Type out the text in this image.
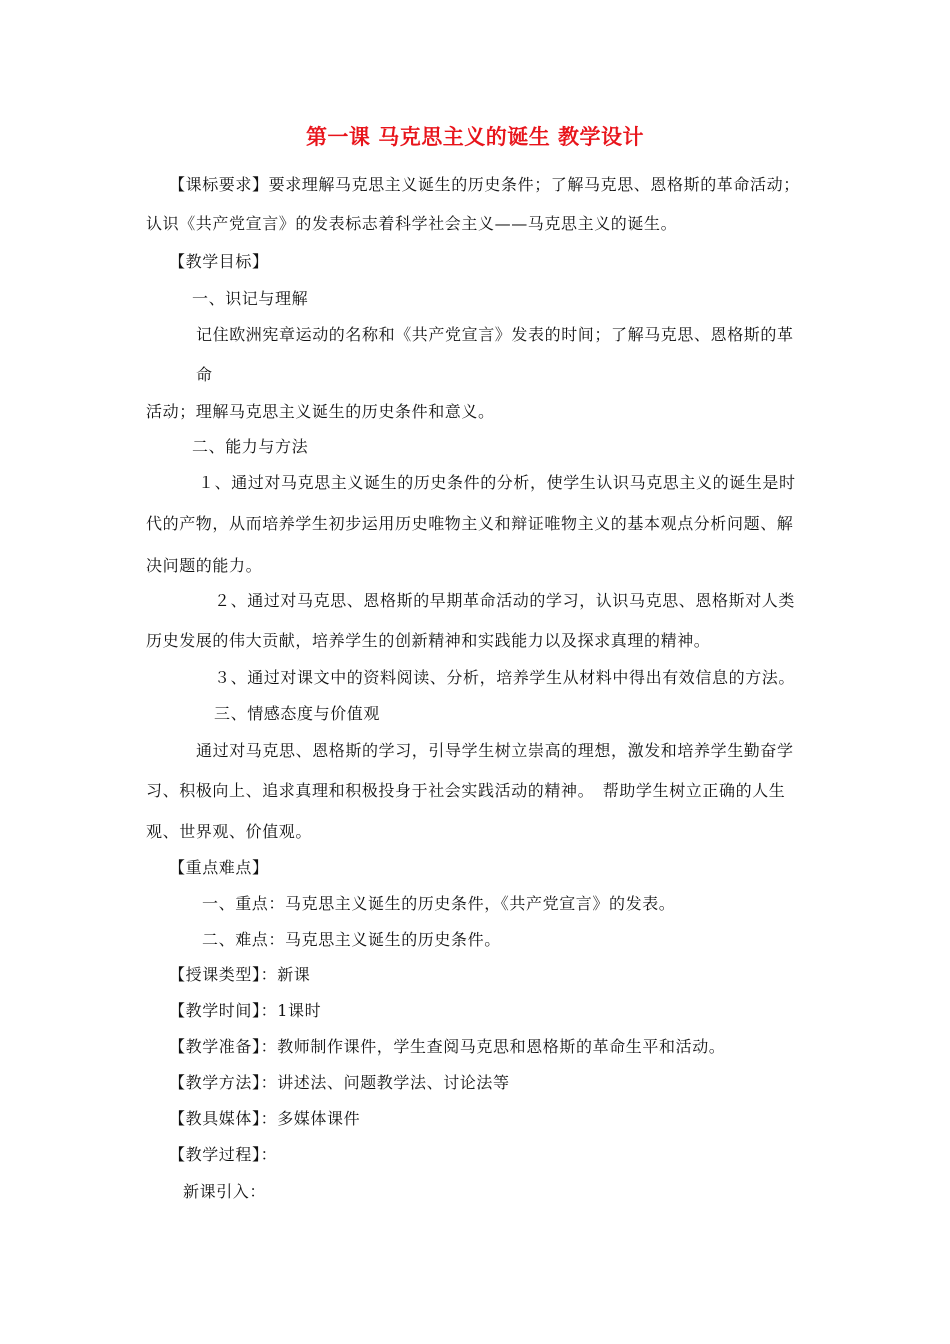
第一课 马克思主义的诞生 教学设计
【课标要求】要求理解马克思主义诞生的历史条件；了解马克思、恩格斯的革命活动；
认识《共产党宣言》的发表标志着科学社会主义——马克思主义的诞生。
【教学目标】
一、识记与理解
记住欧洲宪章运动的名称和《共产党宣言》发表的时间；了解马克思、恩格斯的革
命
活动；理解马克思主义诞生的历史条件和意义。
二、能力与方法
１、通过对马克思主义诞生的历史条件的分析，使学生认识马克思主义的诞生是时
代的产物，从而培养学生初步运用历史唯物主义和辩证唯物主义的基本观点分析问题、解
决问题的能力。
２、通过对马克思、恩格斯的早期革命活动的学习，认识马克思、恩格斯对人类
历史发展的伟大贡献，培养学生的创新精神和实践能力以及探求真理的精神。
３、通过对课文中的资料阅读、分析，培养学生从材料中得出有效信息的方法。
三、情感态度与价值观
通过对马克思、恩格斯的学习，引导学生树立崇高的理想，激发和培养学生勤奋学
习、积极向上、追求真理和积极投身于社会实践活动的精神。　帮助学生树立正确的人生
观、世界观、价值观。
【重点难点】
一、重点：马克思主义诞生的历史条件，《共产党宣言》的发表。
二、难点：马克思主义诞生的历史条件。
【授课类型】：新课
【教学时间】：1课时
【教学准备】：教师制作课件，学生查阅马克思和恩格斯的革命生平和活动。
【教学方法】：讲述法、问题教学法、讨论法等
【教具媒体】：多媒体课件
【教学过程】：
新课引入：
